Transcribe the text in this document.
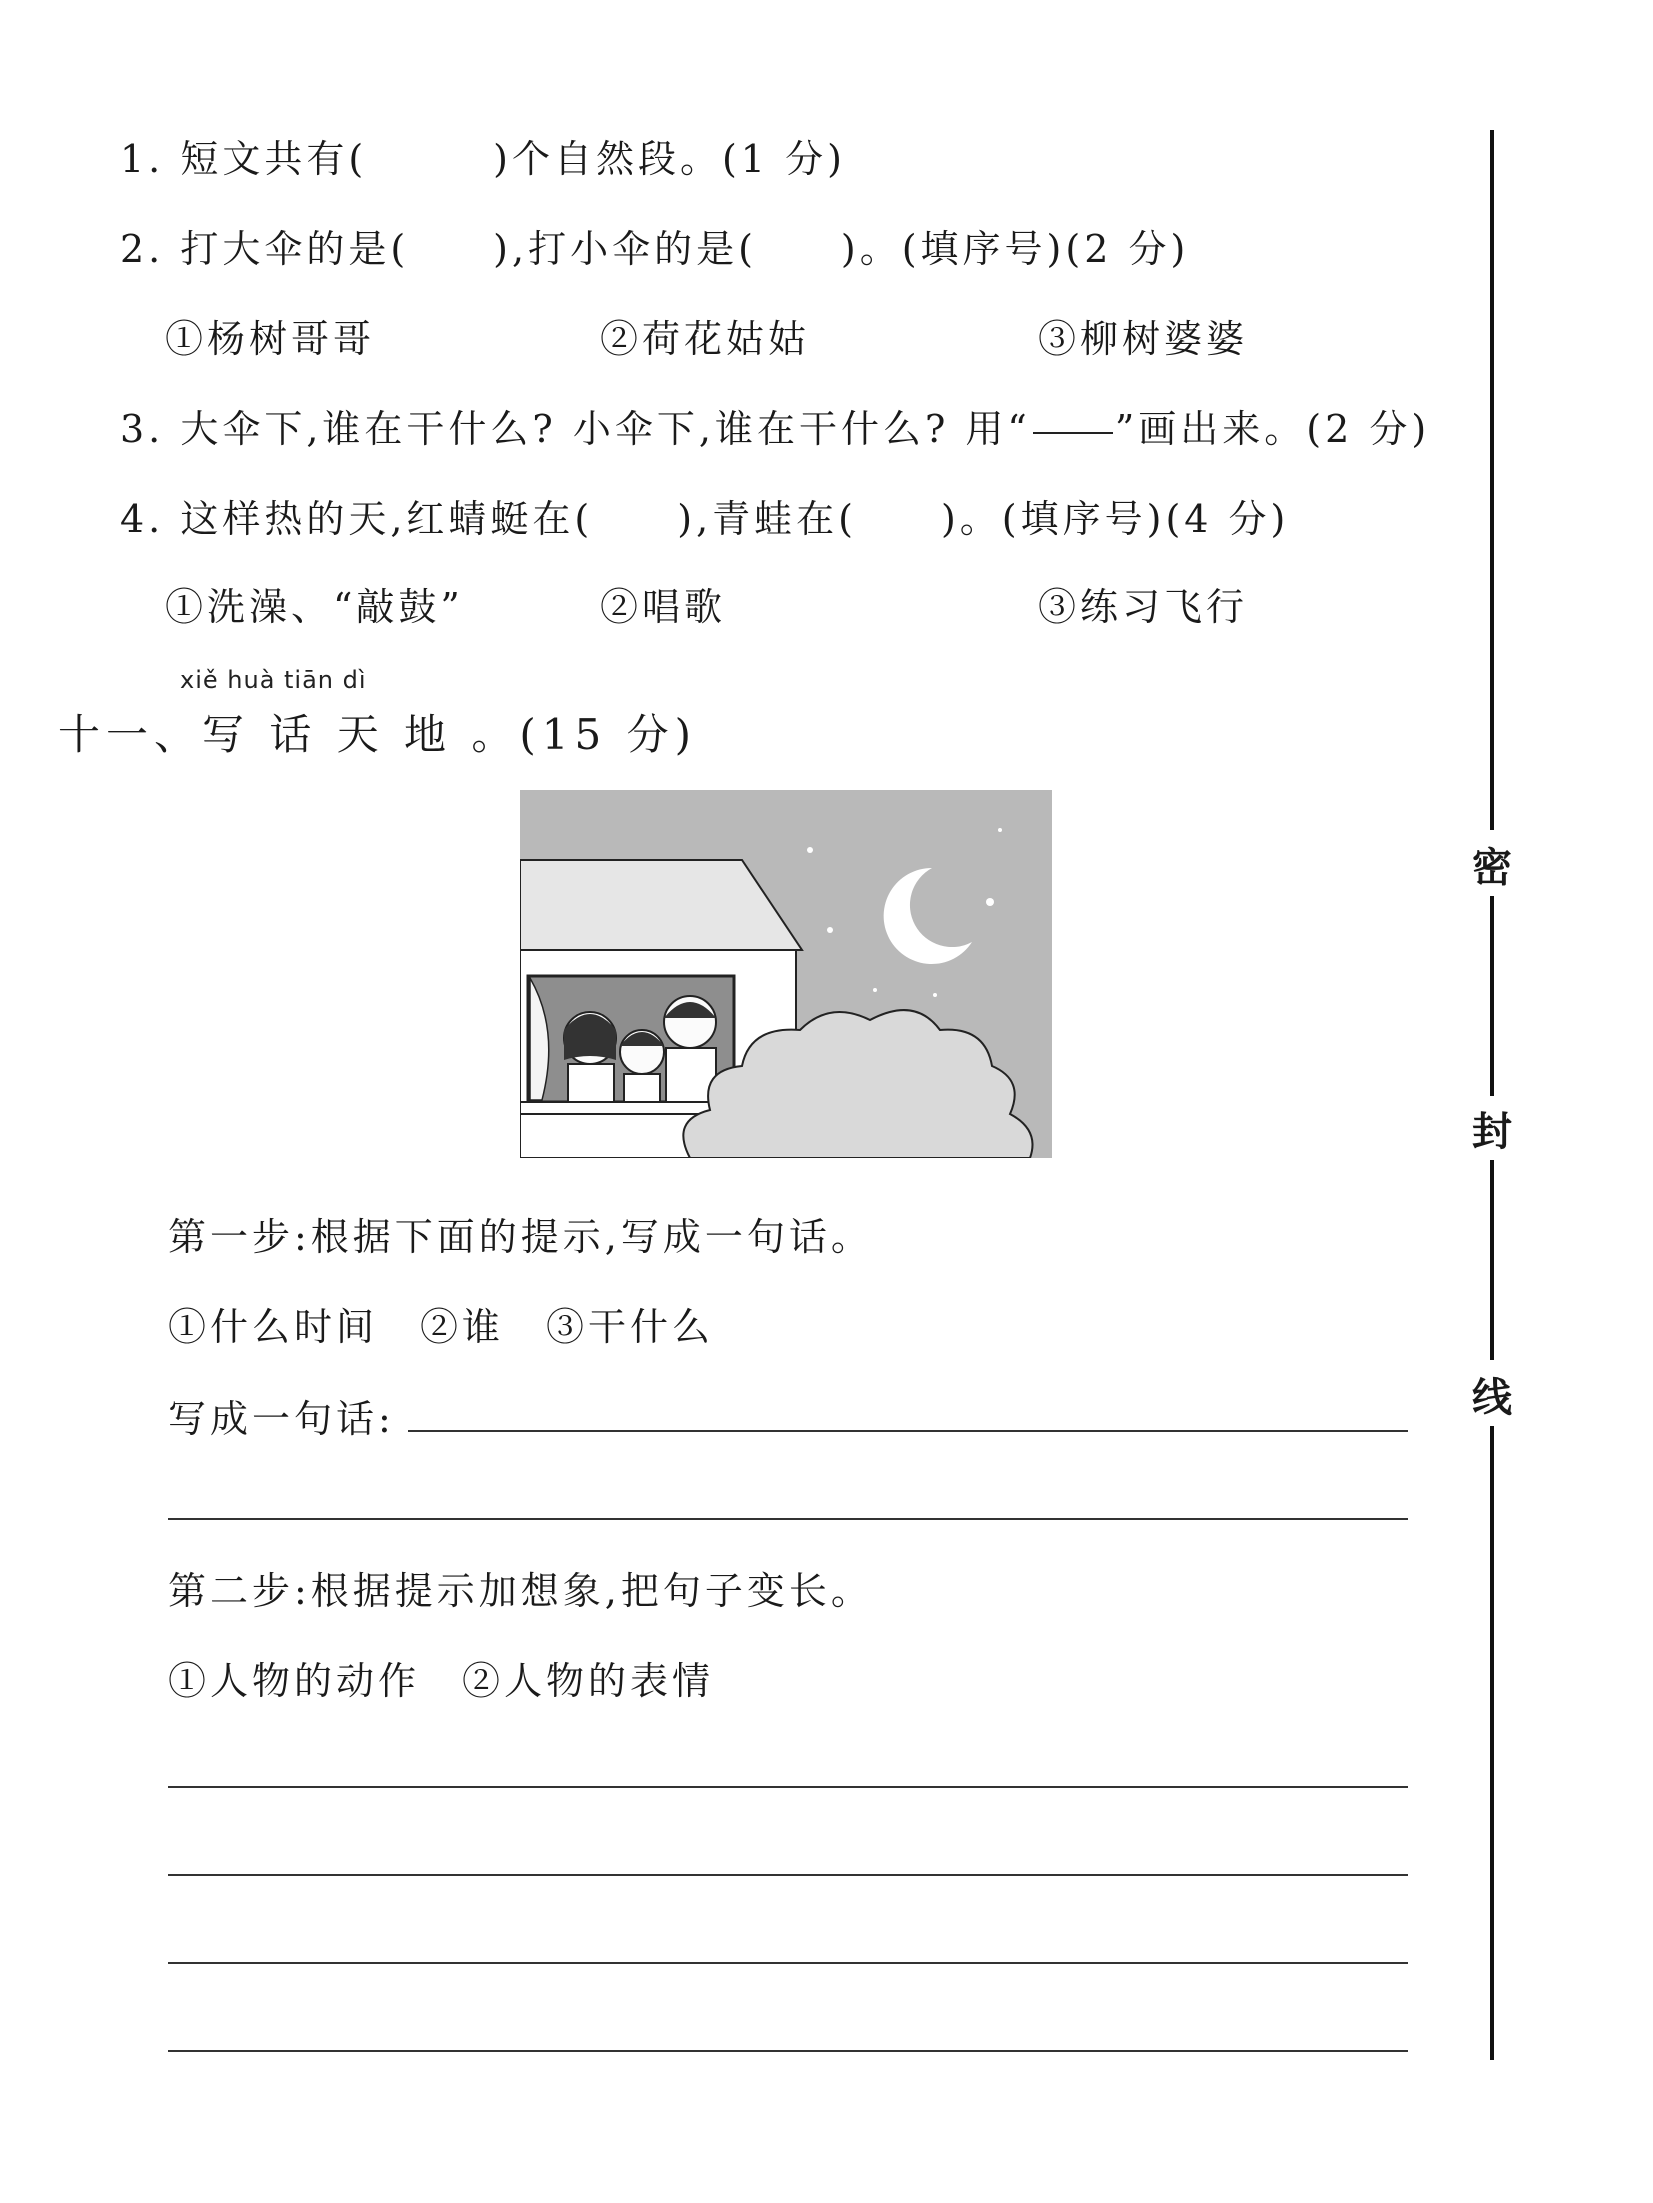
1. 短文共有(　　　)个自然段。(1 分)
2. 打大伞的是(　　),打小伞的是(　　)。(填序号)(2 分)
①杨树哥哥	②荷花姑姑	③柳树婆婆
3. 大伞下,谁在干什么? 小伞下,谁在干什么? 用“ ”画出来。(2 分)
4. 这样热的天,红蜻蜓在(　　),青蛙在(　　)。(填序号)(4 分)
①洗澡、“敲鼓”	②唱歌	③练习飞行
xiě huà tiān dì
十一、写 话 天 地 。(15 分)
第一步:根据下面的提示,写成一句话。
①什么时间　②谁　③干什么
写成一句话:
第二步:根据提示加想象,把句子变长。
①人物的动作　②人物的表情
密
封
线
